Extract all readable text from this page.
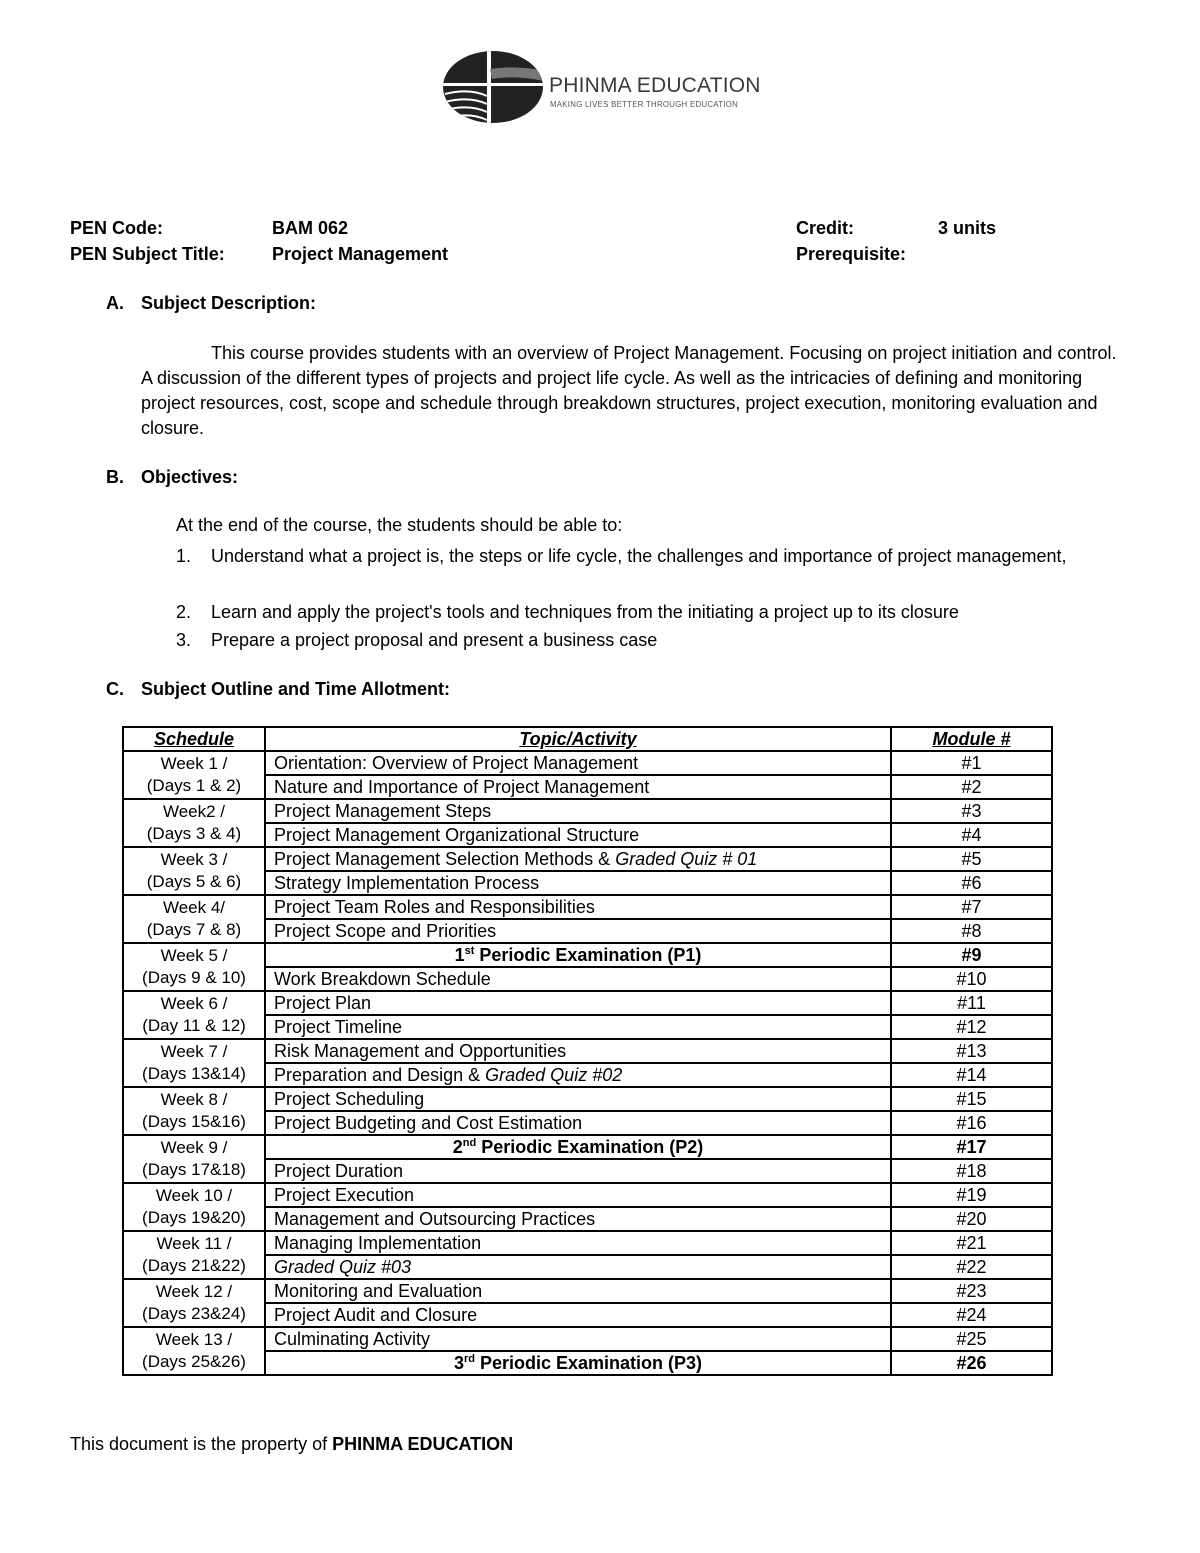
PHINMA EDUCATION
MAKING LIVES BETTER THROUGH EDUCATION
PEN Code:	BAM 062	Credit:	3 units
PEN Subject Title:	Project Management	Prerequisite:
A. Subject Description:

This course provides students with an overview of Project Management. Focusing on project initiation and control. A discussion of the different types of projects and project life cycle. As well as the intricacies of defining and monitoring project resources, cost, scope and schedule through breakdown structures, project execution, monitoring evaluation and closure.

B. Objectives:
At the end of the course, the students should be able to:
1. Understand what a project is, the steps or life cycle, the challenges and importance of project management,
2. Learn and apply the project's tools and techniques from the initiating a project up to its closure
3. Prepare a project proposal and present a business case
C. Subject Outline and Time Allotment:
Schedule	Topic/Activity	Module #

Week 1 /
(Days 1 & 2)	Orientation: Overview of Project Management	#1
	Nature and Importance of Project Management	#2

Week2 /
(Days 3 & 4)	Project Management Steps	#3
	Project Management Organizational Structure	#4

Week 3 /
(Days 5 & 6)	Project Management Selection Methods & Graded Quiz # 01	#5
	Strategy Implementation Process	#6

Week 4/
(Days 7 & 8)	Project Team Roles and Responsibilities	#7
	Project Scope and Priorities	#8

Week 5 /
(Days 9 & 10)	1st Periodic Examination (P1)	#9
	Work Breakdown Schedule	#10

Week 6 /
(Day 11 & 12)	Project Plan	#11
	Project Timeline	#12

Week 7 /
(Days 13&14)	Risk Management and Opportunities	#13
	Preparation and Design & Graded Quiz #02	#14

Week 8 /
(Days 15&16)	Project Scheduling	#15
	Project Budgeting and Cost Estimation	#16

Week 9 /
(Days 17&18)	2nd Periodic Examination (P2)	#17
	Project Duration	#18

Week 10 /
(Days 19&20)	Project Execution	#19
	Management and Outsourcing Practices	#20

Week 11 /
(Days 21&22)	Managing Implementation	#21
	Graded Quiz #03	#22

Week 12 /
(Days 23&24)	Monitoring and Evaluation	#23
	Project Audit and Closure	#24

Week 13 /
(Days 25&26)	Culminating Activity	#25
	3rd Periodic Examination (P3)	#26
This document is the property of PHINMA EDUCATION
